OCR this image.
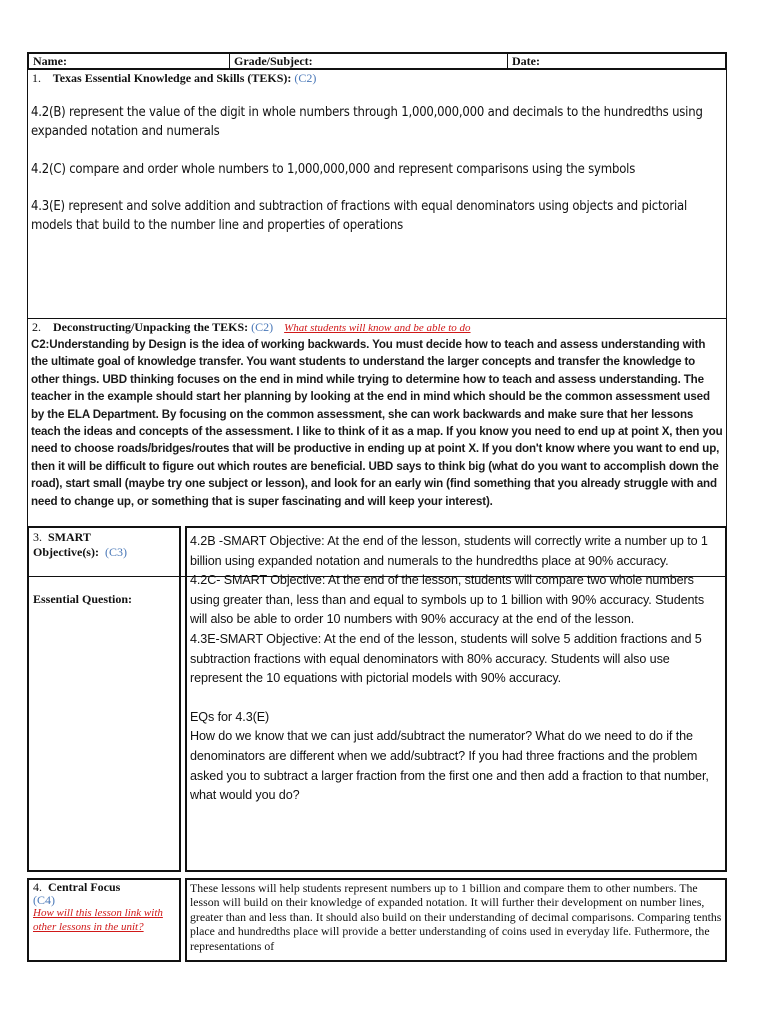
Name:	Grade/Subject:	Date:
1. Texas Essential Knowledge and Skills (TEKS): (C2)
4.2(B) represent the value of the digit in whole numbers through 1,000,000,000 and decimals to the hundredths using expanded notation and numerals
4.2(C) compare and order whole numbers to 1,000,000,000 and represent comparisons using the symbols
4.3(E) represent and solve addition and subtraction of fractions with equal denominators using objects and pictorial models that build to the number line and properties of operations
2. Deconstructing/Unpacking the TEKS: (C2) What students will know and be able to do
C2:Understanding by Design is the idea of working backwards. You must decide how to teach and assess understanding with the ultimate goal of knowledge transfer. You want students to understand the larger concepts and transfer the knowledge to other things. UBD thinking focuses on the end in mind while trying to determine how to teach and assess understanding. The teacher in the example should start her planning by looking at the end in mind which should be the common assessment used by the ELA Department. By focusing on the common assessment, she can work backwards and make sure that her lessons teach the ideas and concepts of the assessment. I like to think of it as a map. If you know you need to end up at point X, then you need to choose roads/bridges/routes that will be productive in ending up at point X. If you don't know where you want to end up, then it will be difficult to figure out which routes are beneficial. UBD says to think big (what do you want to accomplish down the road), start small (maybe try one subject or lesson), and look for an early win (find something that you already struggle with and need to change up, or something that is super fascinating and will keep your interest).
3. SMART
Objective(s): (C3)
Essential Question:

4.2B -SMART Objective: At the end of the lesson, students will correctly write a number up to 1 billion using expanded notation and numerals to the hundredths place at 90% accuracy.

4.2C- SMART Objective: At the end of the lesson, students will compare two whole numbers using greater than, less than and equal to symbols up to 1 billion with 90% accuracy. Students will also be able to order 10 numbers with 90% accuracy at the end of the lesson.

4.3E-SMART Objective: At the end of the lesson, students will solve 5 addition fractions and 5 subtraction fractions with equal denominators with 80% accuracy. Students will also use represent the 10 equations with pictorial models with 90% accuracy.

EQs for 4.3(E)

How do we know that we can just add/subtract the numerator? What do we need to do if the denominators are different when we add/subtract? If you had three fractions and the problem asked you to subtract a larger fraction from the first one and then add a fraction to that number, what would you do?

4. Central Focus
(C4)
How will this lesson link with other lessons in the unit?
These lessons will help students represent numbers up to 1 billion and compare them to other numbers. The lesson will build on their knowledge of expanded notation. It will further their development on number lines, greater than and less than. It should also build on their understanding of decimal comparisons. Comparing tenths place and hundredths place will provide a better understanding of coins used in everyday life. Futhermore, the representations of
